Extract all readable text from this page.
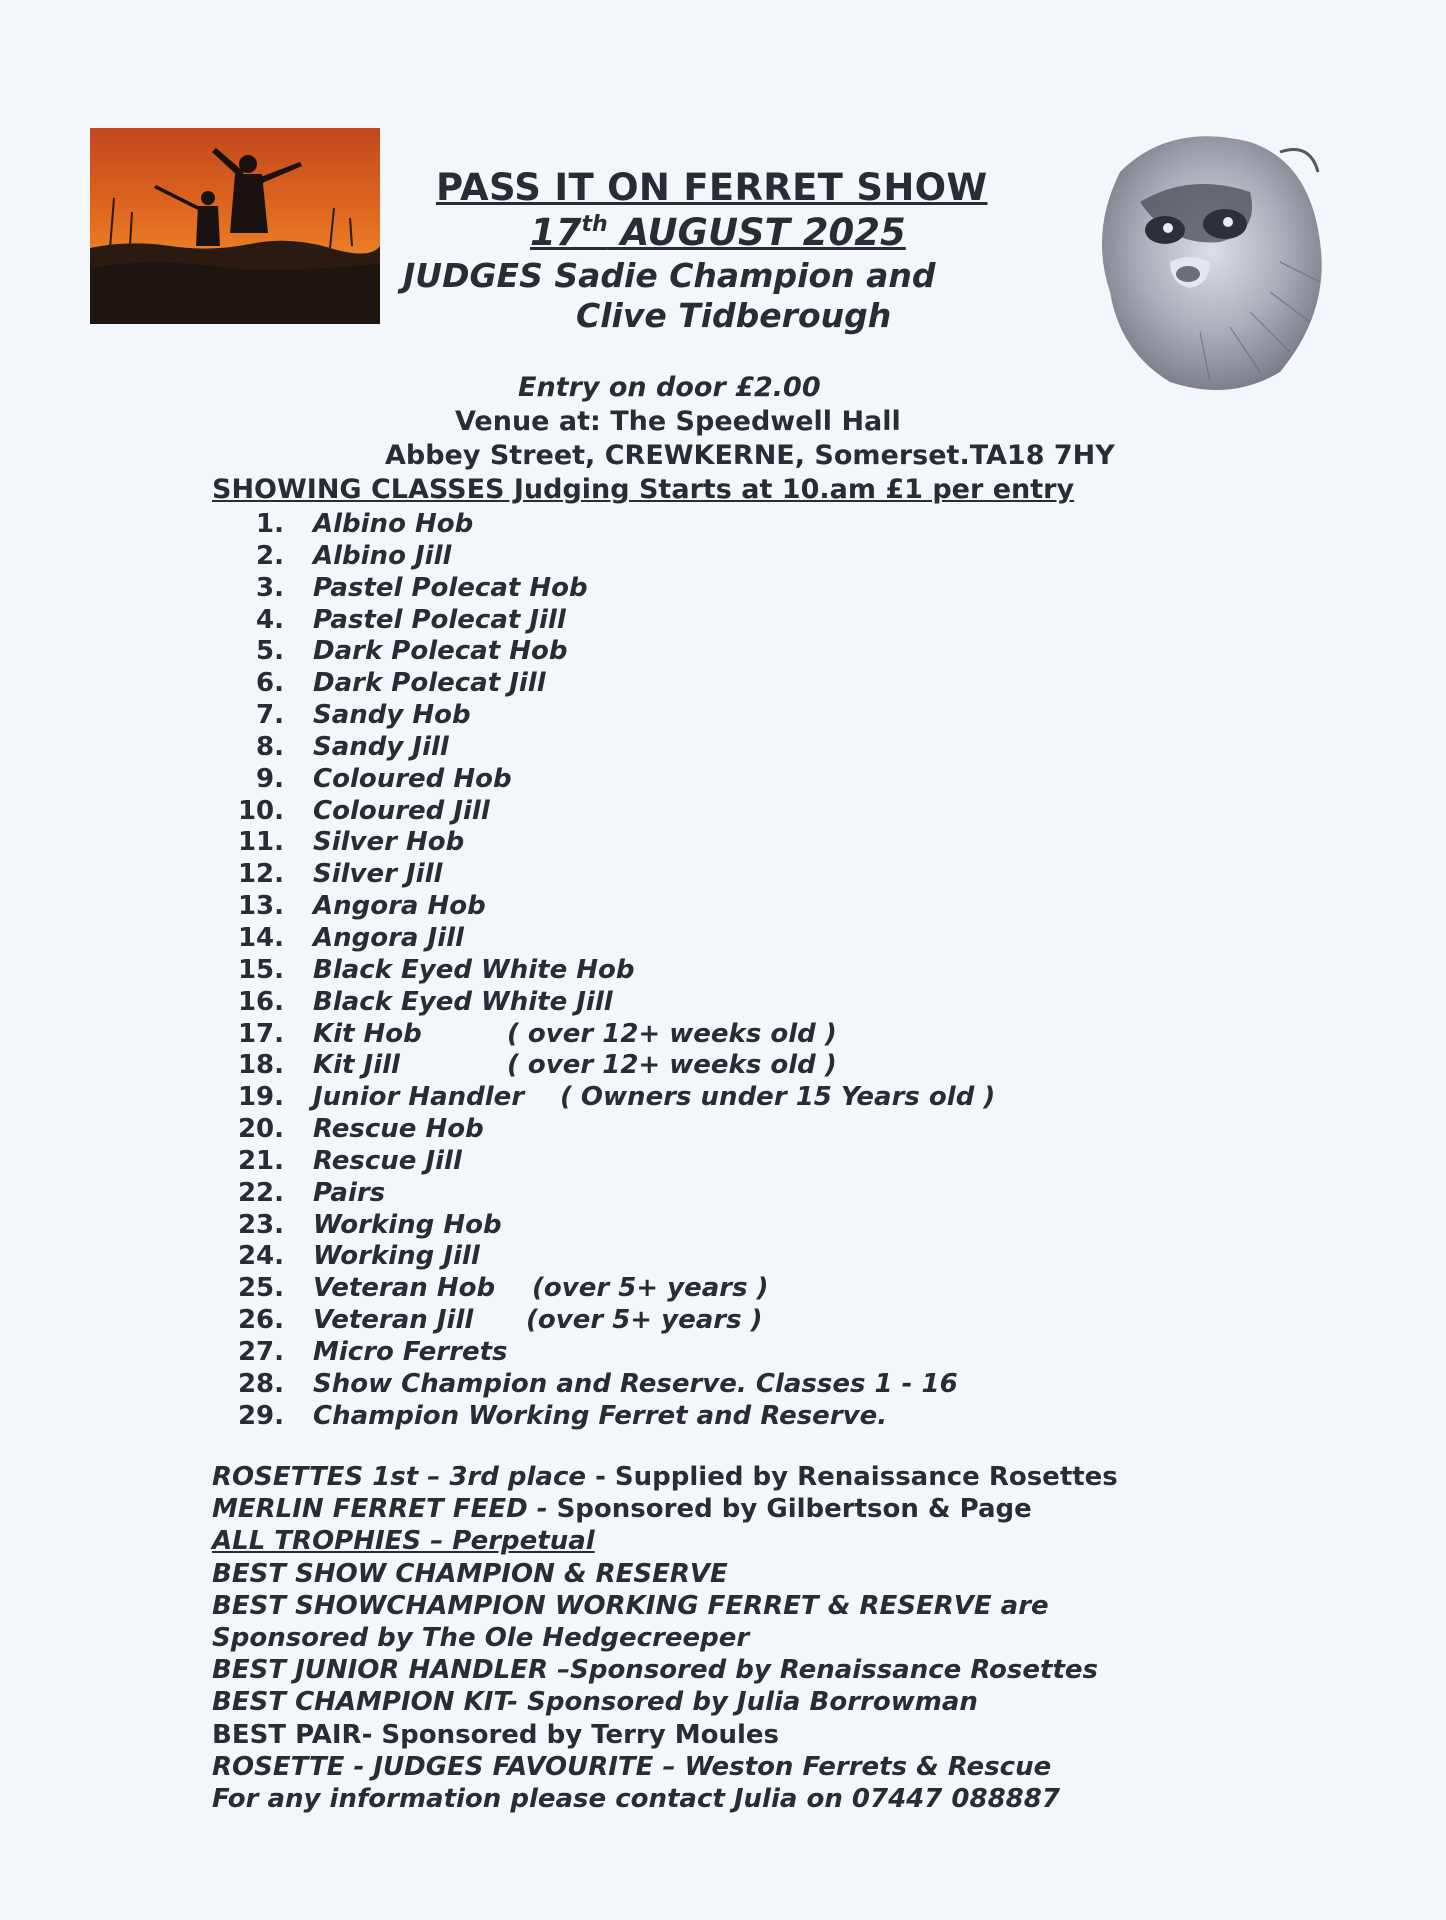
PASS IT ON FERRET SHOW
17th AUGUST 2025
JUDGES Sadie Champion and
Clive Tidberough
Entry on door £2.00
Venue at: The Speedwell Hall
Abbey Street, CREWKERNE, Somerset.TA18 7HY
SHOWING CLASSES Judging Starts at 10.am £1 per entry
1. Albino Hob
2. Albino Jill
3. Pastel Polecat Hob
4. Pastel Polecat Jill
5. Dark Polecat Hob
6. Dark Polecat Jill
7. Sandy Hob
8. Sandy Jill
9. Coloured Hob
10. Coloured Jill
11. Silver Hob
12. Silver Jill
13. Angora Hob
14. Angora Jill
15. Black Eyed White Hob
16. Black Eyed White Jill
17. Kit Hob	( over 12+ weeks old )
18. Kit Jill	( over 12+ weeks old )
19. Junior Handler ( Owners under 15 Years old )
20. Rescue Hob
21. Rescue Jill
22. Pairs
23. Working Hob
24. Working Jill
25. Veteran Hob (over 5+ years )
26. Veteran Jill (over 5+ years )
27. Micro Ferrets
28. Show Champion and Reserve. Classes 1 - 16
29. Champion Working Ferret and Reserve.
ROSETTES 1st – 3rd place - Supplied by Renaissance Rosettes
MERLIN FERRET FEED - Sponsored by Gilbertson & Page
ALL TROPHIES – Perpetual
BEST SHOW CHAMPION & RESERVE
BEST SHOWCHAMPION WORKING FERRET & RESERVE are
Sponsored by The Ole Hedgecreeper
BEST JUNIOR HANDLER –Sponsored by Renaissance Rosettes
BEST CHAMPION KIT- Sponsored by Julia Borrowman
BEST PAIR- Sponsored by Terry Moules
ROSETTE - JUDGES FAVOURITE – Weston Ferrets & Rescue
For any information please contact Julia on 07447 088887
